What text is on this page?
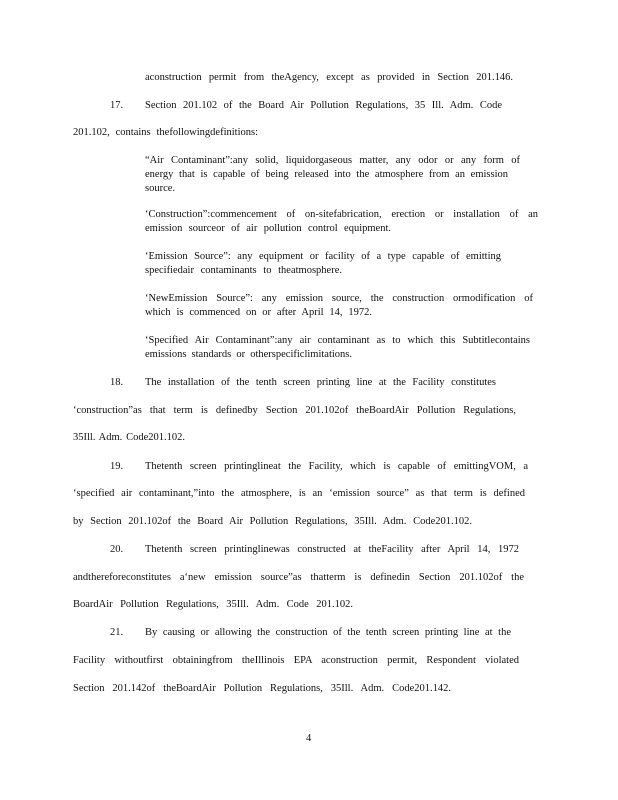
aconstruction permit from theAgency, except as provided in Section 201.146.
17. Section 201.102 of the Board Air Pollution Regulations, 35 Ill. Adm. Code
201.102, contains thefollowingdefinitions:
“Air Contaminant”:any solid, liquidorgaseous matter, any odor or any form of
energy that is capable of being released into the atmosphere from an emission
source.
‘Construction”:commencement of on-sitefabrication, erection or installation of an
emission sourceor of air pollution control equipment.
‘Emission Source”: any equipment or facility of a type capable of emitting
specifiedair contaminants to theatmosphere.
‘NewEmission Source”: any emission source, the construction ormodification of
which is commenced on or after April 14, 1972.
‘Specified Air Contaminant”:any air contaminant as to which this Subtitlecontains
emissions standards or otherspecificlimitations.
18. The installation of the tenth screen printing line at the Facility constitutes
‘construction”as that term is definedby Section 201.102of theBoardAir Pollution Regulations,
35Ill. Adm. Code201.102.
19. Thetenth screen printinglineat the Facility, which is capable of emittingVOM, a
‘specified air contaminant,”into the atmosphere, is an ‘emission source” as that term is defined
by Section 201.102of the Board Air Pollution Regulations, 35Ill. Adm. Code201.102.
20. Thetenth screen printinglinewas constructed at theFacility after April 14, 1972
andthereforeconstitutes a‘new emission source”as thatterm is definedin Section 201.102of the
BoardAir Pollution Regulations, 35Ill. Adm. Code 201.102.
21. By causing or allowing the construction of the tenth screen printing line at the
Facility withoutfirst obtainingfrom theIllinois EPA aconstruction permit, Respondent violated
Section 201.142of theBoardAir Pollution Regulations, 35Ill. Adm. Code201.142.
4
